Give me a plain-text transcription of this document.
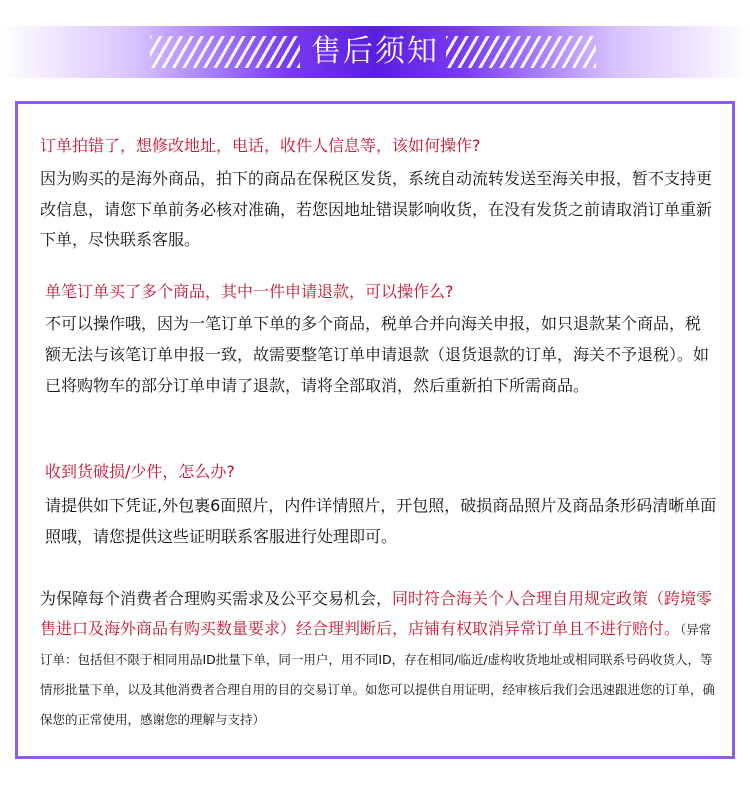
售后须知
订单拍错了，想修改地址，电话，收件人信息等，该如何操作?
因为购买的是海外商品，拍下的商品在保税区发货，系统自动流转发送至海关申报，暂不支持更改信息，请您下单前务必核对准确，若您因地址错误影响收货，在没有发货之前请取消订单重新下单，尽快联系客服。
单笔订单买了多个商品，其中一件申请退款，可以操作么?
不可以操作哦，因为一笔订单下单的多个商品，税单合并向海关申报，如只退款某个商品，税额无法与该笔订单申报一致，故需要整笔订单申请退款（退货退款的订单，海关不予退税）。如已将购物车的部分订单申请了退款，请将全部取消，然后重新拍下所需商品。
收到货破损/少件，怎么办?
请提供如下凭证,外包裹6面照片，内件详情照片，开包照，破损商品照片及商品条形码清晰单面照哦，请您提供这些证明联系客服进行处理即可。
为保障每个消费者合理购买需求及公平交易机会，同时符合海关个人合理自用规定政策（跨境零售进口及海外商品有购买数量要求）经合理判断后，店铺有权取消异常订单且不进行赔付。（异常订单：包括但不限于相同用品ID批量下单，同一用户，用不同ID，存在相同/临近/虚构收货地址或相同联系号码收货人，等情形批量下单，以及其他消费者合理自用的目的交易订单。如您可以提供自用证明，经审核后我们会迅速跟进您的订单，确保您的正常使用，感谢您的理解与支持）
